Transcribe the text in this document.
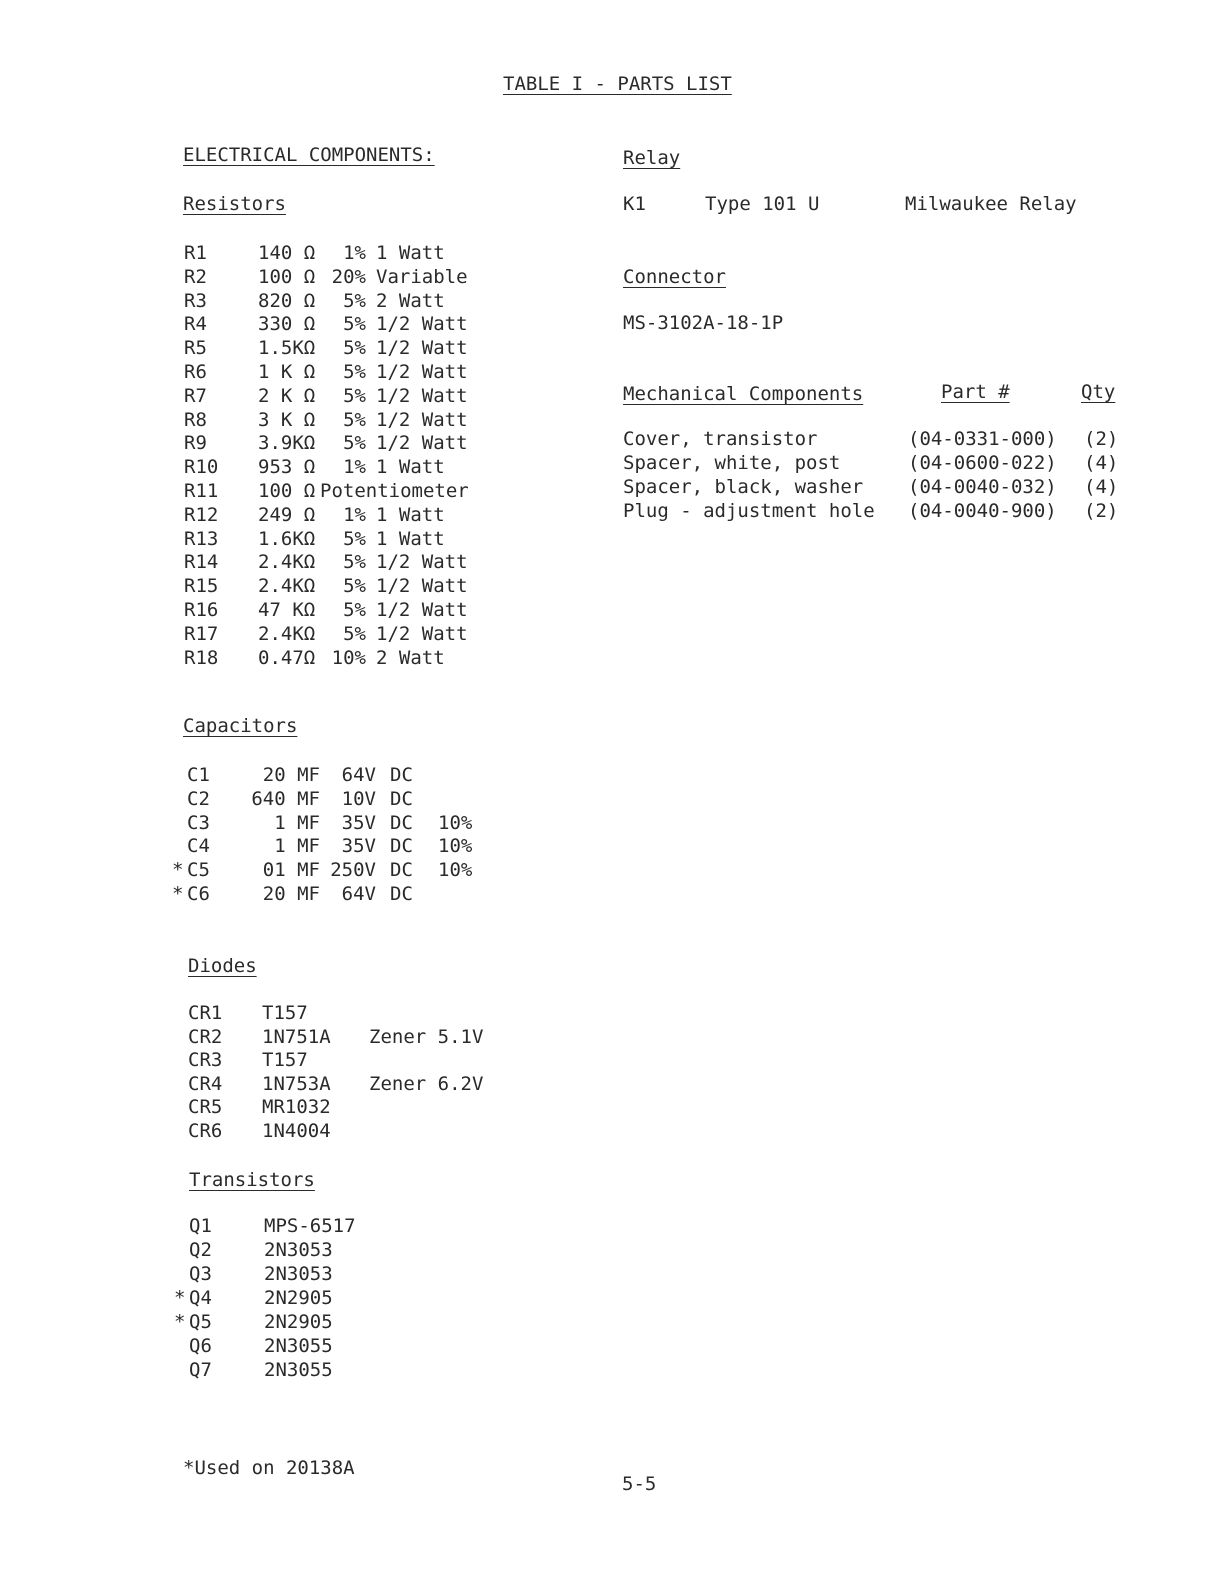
TABLE I - PARTS LIST
ELECTRICAL COMPONENTS:
Resistors
R1	140 Ω	1% 1 Watt
R2	100 Ω 20% Variable
R3	820 Ω	5% 2 Watt
R4	330 Ω	5% 1/2 Watt
R5	1.5KΩ	5% 1/2 Watt
R6	1 K Ω	5% 1/2 Watt
R7	2 K Ω	5% 1/2 Watt
R8	3 K Ω	5% 1/2 Watt
R9	3.9KΩ	5% 1/2 Watt
R10 953 Ω	1% 1 Watt
R11 100 Ω Potentiometer
R12 249 Ω	1% 1 Watt
R13 1.6KΩ	5% 1 Watt
R14 2.4KΩ	5% 1/2 Watt
R15 2.4KΩ	5% 1/2 Watt
R16 47 KΩ	5% 1/2 Watt
R17 2.4KΩ	5% 1/2 Watt
R18 0.47Ω 10% 2 Watt
Capacitors
C1	20 MF	64V DC
C2	640 MF	10V DC
C3	1 MF	35V DC 10%
C4	1 MF	35V DC 10%
* C5	01 MF 250V DC 10%
* C6	20 MF	64V DC
Diodes
CR1 T157
CR2 1N751A Zener 5.1V
CR3 T157
CR4 1N753A Zener 6.2V
CR5 MR1032
CR6 1N4004
Transistors
Q1	MPS-6517
Q2	2N3053
Q3	2N3053
* Q4	2N2905
* Q5	2N2905
Q6	2N3055
Q7	2N3055
Relay
K1	Type 101 U	Milwaukee Relay
Connector
MS-3102A-18-1P
Mechanical Components	Part #	Qty
Cover, transistor	(04-0331-000) (2)
Spacer, white, post	(04-0600-022) (4)
Spacer, black, washer (04-0040-032) (4)
Plug - adjustment hole (04-0040-900) (2)
*Used on 20138A
5-5
